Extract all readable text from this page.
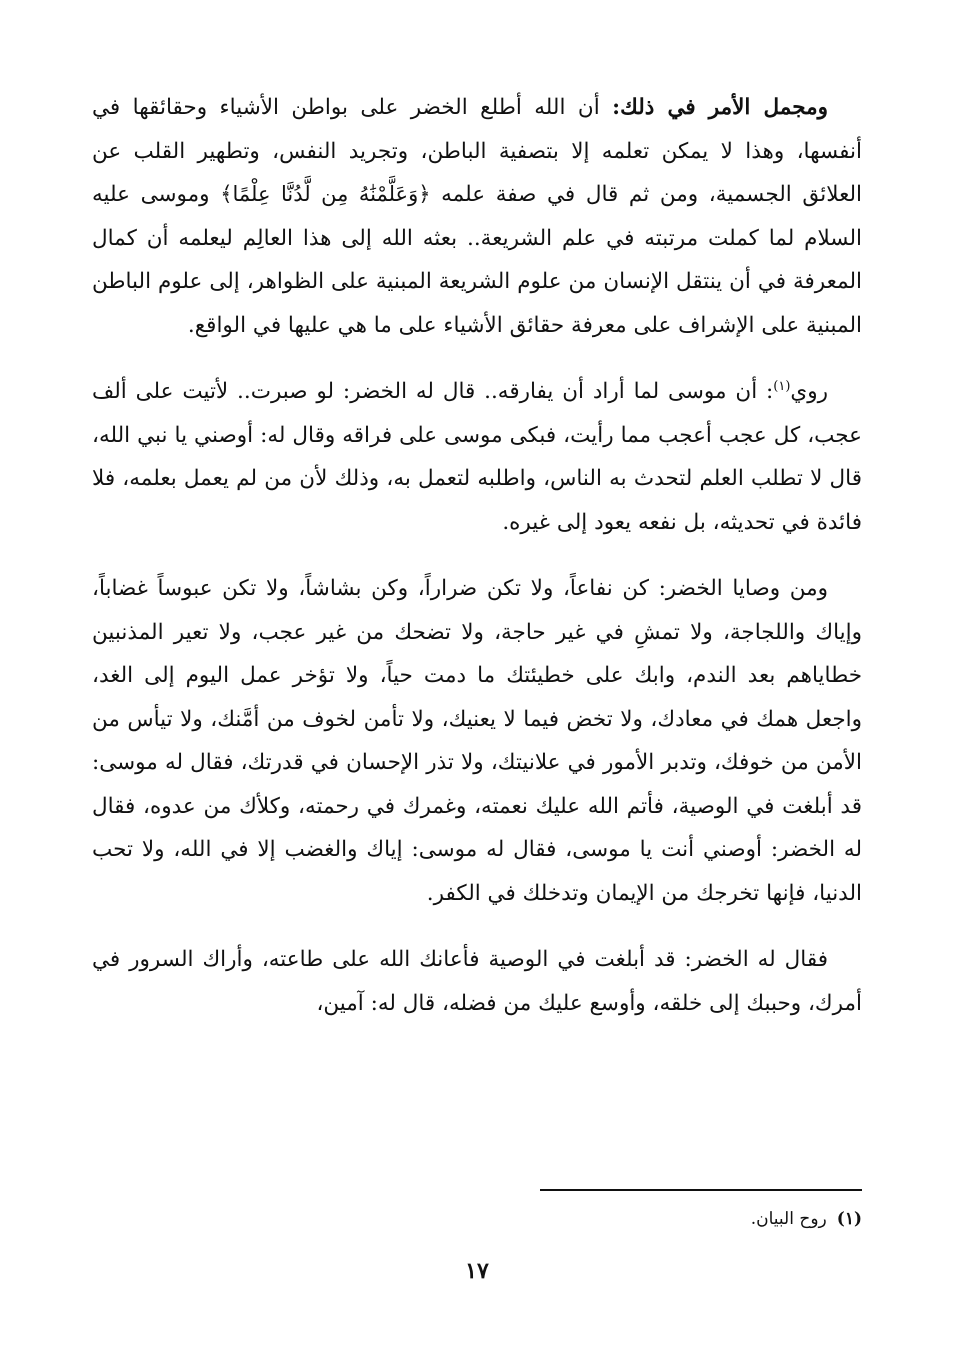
ومجمل الأمر في ذلك: أن الله أطلع الخضر على بواطن الأشياء وحقائقها في أنفسها، وهذا لا يمكن تعلمه إلا بتصفية الباطن، وتجريد النفس، وتطهير القلب عن العلائق الجسمية، ومن ثم قال في صفة علمه ﴿وَعَلَّمْنَٰهُ مِن لَّدُنَّا عِلْمًا﴾ وموسى عليه السلام لما كملت مرتبته في علم الشريعة.. بعثه الله إلى هذا العالِم ليعلمه أن كمال المعرفة في أن ينتقل الإنسان من علوم الشريعة المبنية على الظواهر، إلى علوم الباطن المبنية على الإشراف على معرفة حقائق الأشياء على ما هي عليها في الواقع.

روي$^{(١)}$: أن موسى لما أراد أن يفارقه.. قال له الخضر: لو صبرت.. لأتيت على ألف عجب، كل عجب أعجب مما رأيت، فبكى موسى على فراقه وقال له: أوصني يا نبي الله، قال لا تطلب العلم لتحدث به الناس، واطلبه لتعمل به، وذلك لأن من لم يعمل بعلمه، فلا فائدة في تحديثه، بل نفعه يعود إلى غيره.

ومن وصايا الخضر: كن نفاعاً، ولا تكن ضراراً، وكن بشاشاً، ولا تكن عبوساً غضاباً، وإياك واللجاجة، ولا تمشِ في غير حاجة، ولا تضحك من غير عجب، ولا تعير المذنبين خطاياهم بعد الندم، وابك على خطيئتك ما دمت حياً، ولا تؤخر عمل اليوم إلى الغد، واجعل همك في معادك، ولا تخض فيما لا يعنيك، ولا تأمن لخوف من أمَّنك، ولا تيأس من الأمن من خوفك، وتدبر الأمور في علانيتك، ولا تذر الإحسان في قدرتك، فقال له موسى: قد أبلغت في الوصية، فأتم الله عليك نعمته، وغمرك في رحمته، وكلأك من عدوه، فقال له الخضر: أوصني أنت يا موسى، فقال له موسى: إياك والغضب إلا في الله، ولا تحب الدنيا، فإنها تخرجك من الإيمان وتدخلك في الكفر.

فقال له الخضر: قد أبلغت في الوصية فأعانك الله على طاعته، وأراك السرور في أمرك، وحببك إلى خلقه، وأوسع عليك من فضله، قال له: آمين،

(١)روح البيان.
١٧
